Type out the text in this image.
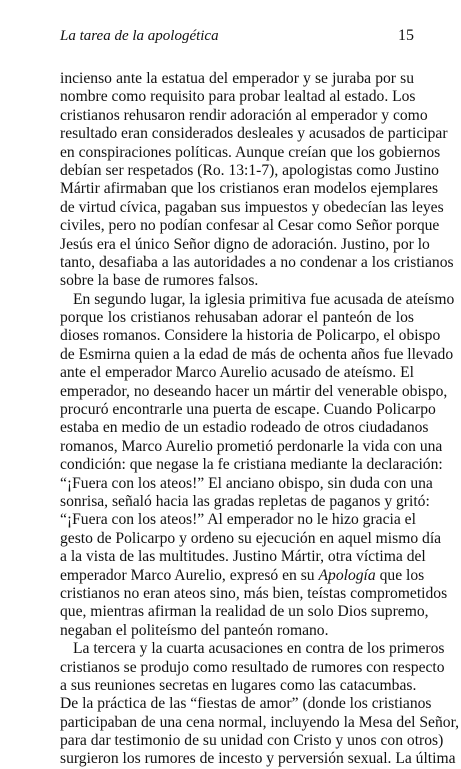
La tarea de la apologética	15
incienso ante la estatua del emperador y se juraba por su
nombre como requisito para probar lealtad al estado. Los
cristianos rehusaron rendir adoración al emperador y como
resultado eran considerados desleales y acusados de participar
en conspiraciones políticas. Aunque creían que los gobiernos
debían ser respetados (Ro. 13:1-7), apologistas como Justino
Mártir afirmaban que los cristianos eran modelos ejemplares
de virtud cívica, pagaban sus impuestos y obedecían las leyes
civiles, pero no podían confesar al Cesar como Señor porque
Jesús era el único Señor digno de adoración. Justino, por lo
tanto, desafiaba a las autoridades a no condenar a los cristianos
sobre la base de rumores falsos.
En segundo lugar, la iglesia primitiva fue acusada de ateísmo
porque los cristianos rehusaban adorar el panteón de los
dioses romanos. Considere la historia de Policarpo, el obispo
de Esmirna quien a la edad de más de ochenta años fue llevado
ante el emperador Marco Aurelio acusado de ateísmo. El
emperador, no deseando hacer un mártir del venerable obispo,
procuró encontrarle una puerta de escape. Cuando Policarpo
estaba en medio de un estadio rodeado de otros ciudadanos
romanos, Marco Aurelio prometió perdonarle la vida con una
condición: que negase la fe cristiana mediante la declaración:
“¡Fuera con los ateos!” El anciano obispo, sin duda con una
sonrisa, señaló hacia las gradas repletas de paganos y gritó:
“¡Fuera con los ateos!” Al emperador no le hizo gracia el
gesto de Policarpo y ordeno su ejecución en aquel mismo día
a la vista de las multitudes. Justino Mártir, otra víctima del
emperador Marco Aurelio, expresó en su Apología que los
cristianos no eran ateos sino, más bien, teístas comprometidos
que, mientras afirman la realidad de un solo Dios supremo,
negaban el politeísmo del panteón romano.
La tercera y la cuarta acusaciones en contra de los primeros
cristianos se produjo como resultado de rumores con respecto
a sus reuniones secretas en lugares como las catacumbas.
De la práctica de las “fiestas de amor” (donde los cristianos
participaban de una cena normal, incluyendo la Mesa del Señor,
para dar testimonio de su unidad con Cristo y unos con otros)
surgieron los rumores de incesto y perversión sexual. La última
